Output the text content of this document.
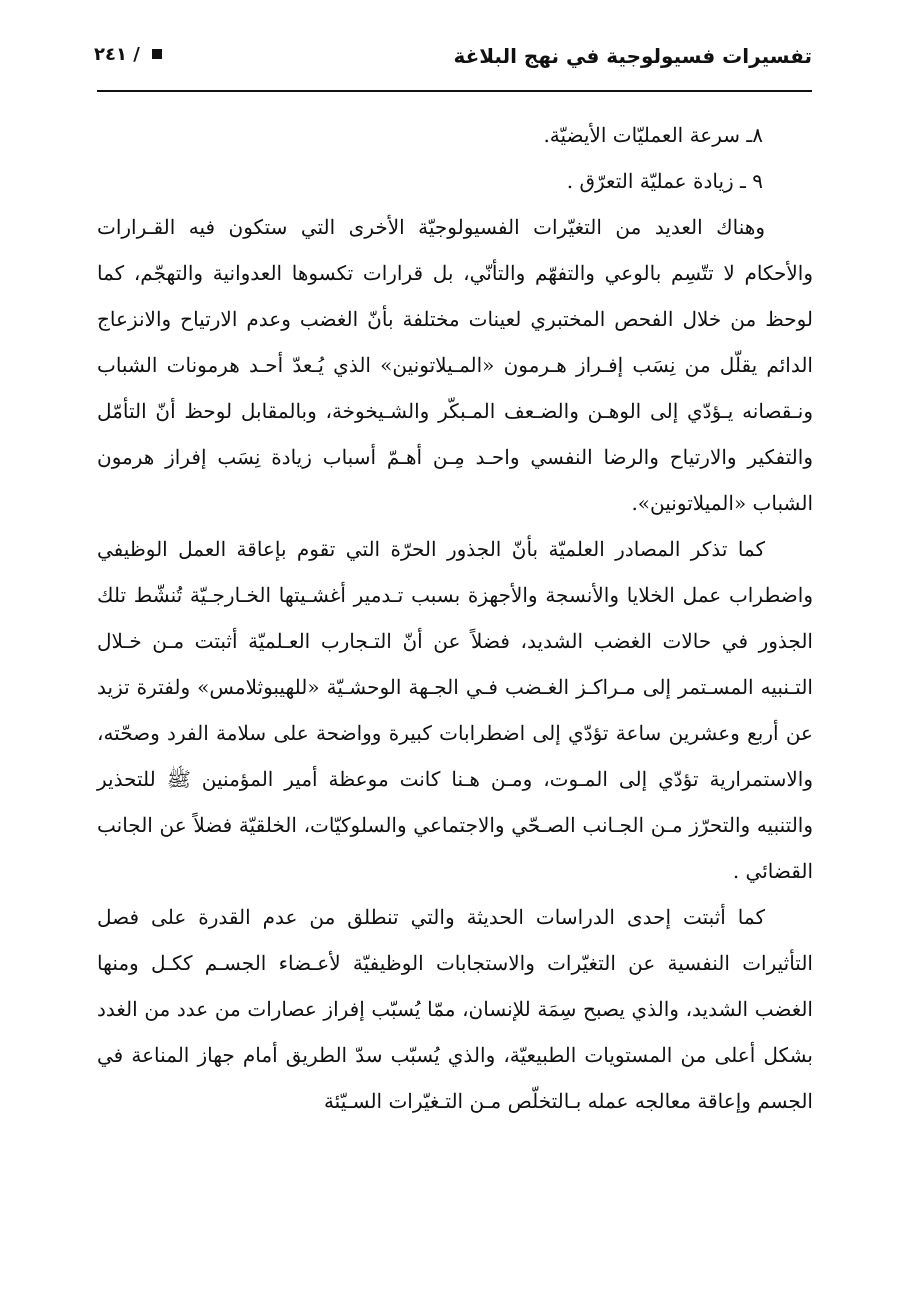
تفسيرات فسيولوجية في نهج البلاغة
٢٤١ /

٨ـ سرعة العمليّات الأيضيّة.

٩ ـ زيادة عمليّة التعرّق .

وهناك العديد من التغيّرات الفسيولوجيّة الأخرى التي ستكون فيه القـرارات والأحكام لا تتّسِم بالوعي والتفهّم والتأنّي، بل قرارات تكسوها العدوانية والتهجّم، كما لوحظ من خلال الفحص المختبري لعينات مختلفة بأنّ الغضب وعدم الارتياح والانزعاج الدائم يقلّل من نِسَب إفـراز هـرمون «المـيلاتونين» الذي يُـعدّ أحـد هرمونات الشباب ونـقصانه يـؤدّي إلى الوهـن والضـعف المـبكّر والشـيخوخة، وبالمقابل لوحظ أنّ التأمّل والتفكير والارتياح والرضا النفسي واحـد مِـن أهـمّ أسباب زيادة نِسَب إفراز هرمون الشباب «الميلاتونين».

كما تذكر المصادر العلميّة بأنّ الجذور الحرّة التي تقوم بإعاقة العمل الوظيفي واضطراب عمل الخلايا والأنسجة والأجهزة بسبب تـدمير أغشـيتها الخـارجـيّة تُنشّط تلك الجذور في حالات الغضب الشديد، فضلاً عن أنّ التـجارب العـلميّة أثبتت مـن خـلال التـنبيه المسـتمر إلى مـراكـز الغـضب فـي الجـهة الوحشـيّة «للهيبوثلامس» ولفترة تزيد عن أربع وعشرين ساعة تؤدّي إلى اضطرابات كبيرة وواضحة على سلامة الفرد وصحّته، والاستمرارية تؤدّي إلى المـوت، ومـن هـنا كانت موعظة أمير المؤمنين ﷺ للتحذير والتنبيه والتحرّز مـن الجـانب الصـحّي والاجتماعي والسلوكيّات، الخلقيّة فضلاً عن الجانب القضائي .

كما أثبتت إحدى الدراسات الحديثة والتي تنطلق من عدم القدرة على فصل التأثيرات النفسية عن التغيّرات والاستجابات الوظيفيّة لأعـضاء الجسـم ككـل ومنها الغضب الشديد، والذي يصبح سِمَة للإنسان، ممّا يُسبّب إفراز عصارات من عدد من الغدد بشكل أعلى من المستويات الطبيعيّة، والذي يُسبّب سدّ الطريق أمام جهاز المناعة في الجسم وإعاقة معالجه عمله بـالتخلّص مـن التـغيّرات السـيّئة
